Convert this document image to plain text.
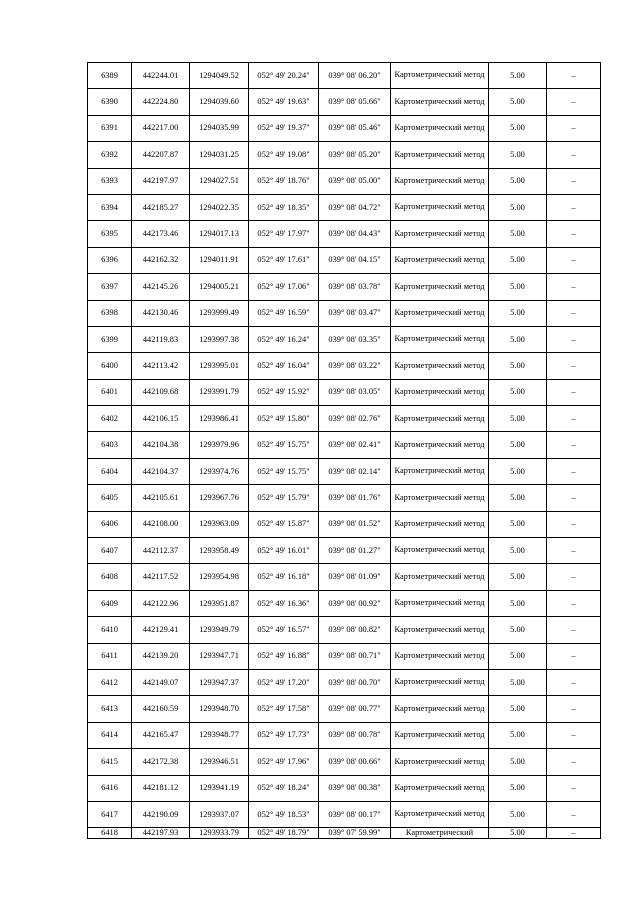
6389	442244.01	1294049.52	052° 49' 20.24"	039° 08' 06.20"	Картометрический метод	5.00	–
6390	442224.80	1294039.60	052° 49' 19.63"	039° 08' 05.66"	Картометрический метод	5.00	–
6391	442217.00	1294035.99	052° 49' 19.37"	039° 08' 05.46"	Картометрический метод	5.00	–
6392	442207.87	1294031.25	052° 49' 19.08"	039° 08' 05.20"	Картометрический метод	5.00	–
6393	442197.97	1294027.51	052° 49' 18.76"	039° 08' 05.00"	Картометрический метод	5.00	–
6394	442185.27	1294022.35	052° 49' 18.35"	039° 08' 04.72"	Картометрический метод	5.00	–
6395	442173.46	1294017.13	052° 49' 17.97"	039° 08' 04.43"	Картометрический метод	5.00	–
6396	442162.32	1294011.91	052° 49' 17.61"	039° 08' 04.15"	Картометрический метод	5.00	–
6397	442145.26	1294005.21	052° 49' 17.06"	039° 08' 03.78"	Картометрический метод	5.00	–
6398	442130.46	1293999.49	052° 49' 16.59"	039° 08' 03.47"	Картометрический метод	5.00	–
6399	442119.83	1293997.38	052° 49' 16.24"	039° 08' 03.35"	Картометрический метод	5.00	–
6400	442113.42	1293995.01	052° 49' 16.04"	039° 08' 03.22"	Картометрический метод	5.00	–
6401	442109.68	1293991.79	052° 49' 15.92"	039° 08' 03.05"	Картометрический метод	5.00	–
6402	442106.15	1293986.41	052° 49' 15.80"	039° 08' 02.76"	Картометрический метод	5.00	–
6403	442104.38	1293979.96	052° 49' 15.75"	039° 08' 02.41"	Картометрический метод	5.00	–
6404	442104.37	1293974.76	052° 49' 15.75"	039° 08' 02.14"	Картометрический метод	5.00	–
6405	442105.61	1293967.76	052° 49' 15.79"	039° 08' 01.76"	Картометрический метод	5.00	–
6406	442108.00	1293963.09	052° 49' 15.87"	039° 08' 01.52"	Картометрический метод	5.00	–
6407	442112.37	1293958.49	052° 49' 16.01"	039° 08' 01.27"	Картометрический метод	5.00	–
6408	442117.52	1293954.98	052° 49' 16.18"	039° 08' 01.09"	Картометрический метод	5.00	–
6409	442122.96	1293951.87	052° 49' 16.36"	039° 08' 00.92"	Картометрический метод	5.00	–
6410	442129.41	1293949.79	052° 49' 16.57"	039° 08' 00.82"	Картометрический метод	5.00	–
6411	442139.20	1293947.71	052° 49' 16.88"	039° 08' 00.71"	Картометрический метод	5.00	–
6412	442149.07	1293947.37	052° 49' 17.20"	039° 08' 00.70"	Картометрический метод	5.00	–
6413	442160.59	1293948.70	052° 49' 17.58"	039° 08' 00.77"	Картометрический метод	5.00	–
6414	442165.47	1293948.77	052° 49' 17.73"	039° 08' 00.78"	Картометрический метод	5.00	–
6415	442172.38	1293946.51	052° 49' 17.96"	039° 08' 00.66"	Картометрический метод	5.00	–
6416	442181.12	1293941.19	052° 49' 18.24"	039° 08' 00.38"	Картометрический метод	5.00	–
6417	442190.09	1293937.07	052° 49' 18.53"	039° 08' 00.17"	Картометрический метод	5.00	–
6418	442197.93	1293933.79	052° 49' 18.79"	039° 07' 59.99"	Картометрический	5.00	–
